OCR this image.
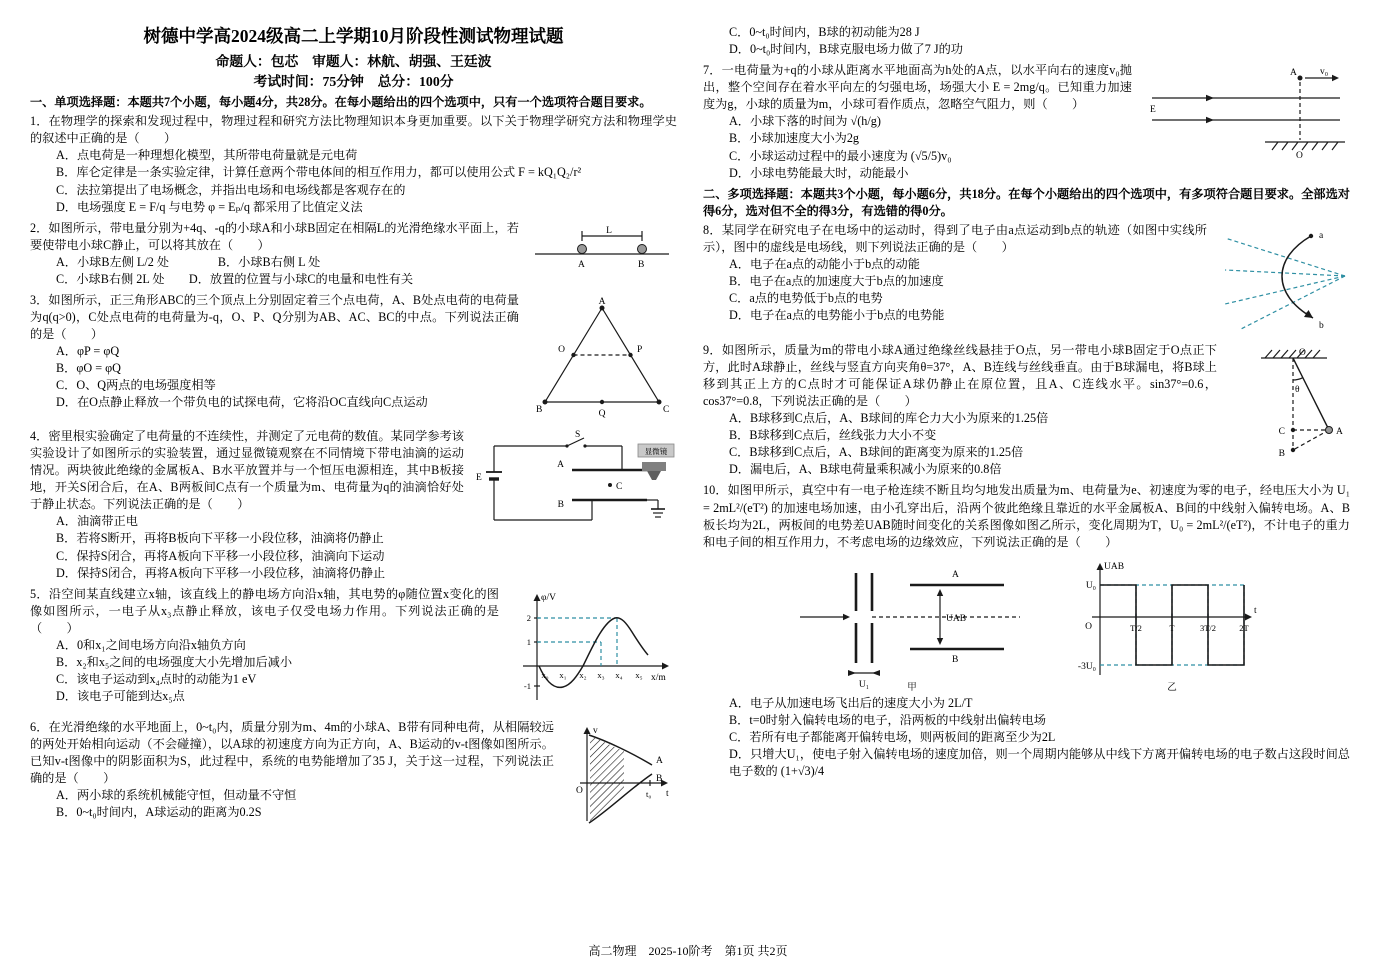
树德中学高2024级高二上学期10月阶段性测试物理试题
命题人：包芯　审题人：林航、胡强、王廷波
考试时间：75分钟　总分：100分
一、单项选择题：本题共7个小题，每小题4分，共28分。在每小题给出的四个选项中，只有一个选项符合题目要求。
1．在物理学的探索和发现过程中，物理过程和研究方法比物理知识本身更加重要。以下关于物理学研究方法和物理学史的叙述中正确的是（　　）
A．点电荷是一种理想化模型，其所带电荷量就是元电荷
B．库仑定律是一条实验定律，计算任意两个带电体间的相互作用力，都可以使用公式 F = kQ₁Q₂/r²
C．法拉第提出了电场概念，并指出电场和电场线都是客观存在的
D．电场强度 E = F/q 与电势 φ = Eₚ/q 都采用了比值定义法
L
A	B
2．如图所示，带电量分别为+4q、-q的小球A和小球B固定在相隔L的光滑绝缘水平面上，若要使带电小球C静止，可以将其放在（　　）
A．小球B左侧 L/2 处　　　　B．小球B右侧 L 处
C．小球B右侧 2L 处　　D．放置的位置与小球C的电量和电性有关
A
B	C
O	P
Q
3．如图所示，正三角形ABC的三个顶点上分别固定着三个点电荷，A、B处点电荷的电荷量为q(q>0)，C处点电荷的电荷量为-q，O、P、Q分别为AB、AC、BC的中点。下列说法正确的是（　　）
A．φP = φQ
B．φO = φQ
C．O、Q两点的电场强度相等
D．在O点静止释放一个带负电的试探电荷，它将沿OC直线向C点运动
S
E
A
C
B
显微镜
4．密里根实验确定了电荷量的不连续性，并测定了元电荷的数值。某同学参考该实验设计了如图所示的实验装置，通过显微镜观察在不同情境下带电油滴的运动情况。两块彼此绝缘的金属板A、B水平放置并与一个恒压电源相连，其中B板接地，开关S闭合后，在A、B两板间C点有一个质量为m、电荷量为q的油滴恰好处于静止状态。下列说法正确的是（　　）
A．油滴带正电
B．若将S断开，再将B板向下平移一小段位移，油滴将仍静止
C．保持S闭合，再将A板向下平移一小段位移，油滴向下运动
D．保持S闭合，再将A板向下平移一小段位移，油滴将仍静止
φ/V
x/m
2
1
-1
x₀ x₁ x₂ x₃ x₄ x₅
5．沿空间某直线建立x轴，该直线上的静电场方向沿x轴，其电势的φ随位置x变化的图像如图所示，一电子从x₃点静止释放，该电子仅受电场力作用。下列说法正确的是（　　）
A．0和x₁之间电场方向沿x轴负方向
B．x₂和x₅之间的电场强度大小先增加后减小
C．该电子运动到x₄点时的动能为1 eV
D．该电子可能到达x₅点
v
t
A
B
O	t₀
6．在光滑绝缘的水平地面上，0~t₀内，质量分别为m、4m的小球A、B带有同种电荷，从相隔较远的两处开始相向运动（不会碰撞），以A球的初速度方向为正方向，A、B运动的v-t图像如图所示。已知v-t图像中的阴影面积为S，此过程中，系统的电势能增加了35 J，关于这一过程，下列说法正确的是（　　）
A．两小球的系统机械能守恒，但动量不守恒
B．0~t₀时间内，A球运动的距离为0.2S
C．0~t₀时间内，B球的初动能为28 J
D．0~t₀时间内，B球克服电场力做了7 J的功
A v₀
E
O
7．一电荷量为+q的小球从距离水平地面高为h处的A点，以水平向右的速度v₀抛出，整个空间存在着水平向左的匀强电场，场强大小 E = 2mg/q。已知重力加速度为g，小球的质量为m，小球可看作质点，忽略空气阻力，则（　　）
A．小球下落的时间为 √(h/g)
B．小球加速度大小为2g
C．小球运动过程中的最小速度为 (√5/5)v₀
D．小球电势能最大时，动能最小
二、多项选择题：本题共3个小题，每小题6分，共18分。在每个小题给出的四个选项中，有多项符合题目要求。全部选对得6分，选对但不全的得3分，有选错的得0分。
a
b
8．某同学在研究电子在电场中的运动时，得到了电子由a点运动到b点的轨迹（如图中实线所示），图中的虚线是电场线，则下列说法正确的是（　　）
A．电子在a点的动能小于b点的动能
B．电子在a点的加速度大于b点的加速度
C．a点的电势低于b点的电势
D．电子在a点的电势能小于b点的电势能
O
θ
A
C
B
9．如图所示，质量为m的带电小球A通过绝缘丝线悬挂于O点，另一带电小球B固定于O点正下方，此时A球静止，丝线与竖直方向夹角θ=37°，A、B连线与丝线垂直。由于B球漏电，将B球上移到其正上方的C点时才可能保证A球仍静止在原位置，且A、C连线水平。sin37°=0.6，cos37°=0.8，下列说法正确的是（　　）
A．B球移到C点后，A、B球间的库仑力大小为原来的1.25倍
B．B球移到C点后，丝线张力大小不变
C．B球移到C点后，A、B球间的距离变为原来的1.25倍
D．漏电后，A、B球电荷量乘积减小为原来的0.8倍
10．如图甲所示，真空中有一电子枪连续不断且均匀地发出质量为m、电荷量为e、初速度为零的电子，经电压大小为 U₁ = 2mL²/(eT²) 的加速电场加速，由小孔穿出后，沿两个彼此绝缘且靠近的水平金属板A、B间的中线射入偏转电场。A、B板长均为2L，两板间的电势差UAB随时间变化的关系图像如图乙所示，变化周期为T，U₀ = 2mL²/(eT²)，不计电子的重力和电子间的相互作用力，不考虑电场的边缘效应，下列说法正确的是（　　）
U₁
A
B
UAB
甲
UAB
U₀
-3U₀
O	T/2	T	3T/2	2T
t
乙
A．电子从加速电场飞出后的速度大小为 2L/T
B．t=0时射入偏转电场的电子，沿两板的中线射出偏转电场
C．若所有电子都能离开偏转电场，则两板间的距离至少为2L
D．只增大U₁，使电子射入偏转电场的速度加倍，则一个周期内能够从中线下方离开偏转电场的电子数占这段时间总电子数的 (1+√3)/4
高二物理　2025-10阶考　第1页 共2页
